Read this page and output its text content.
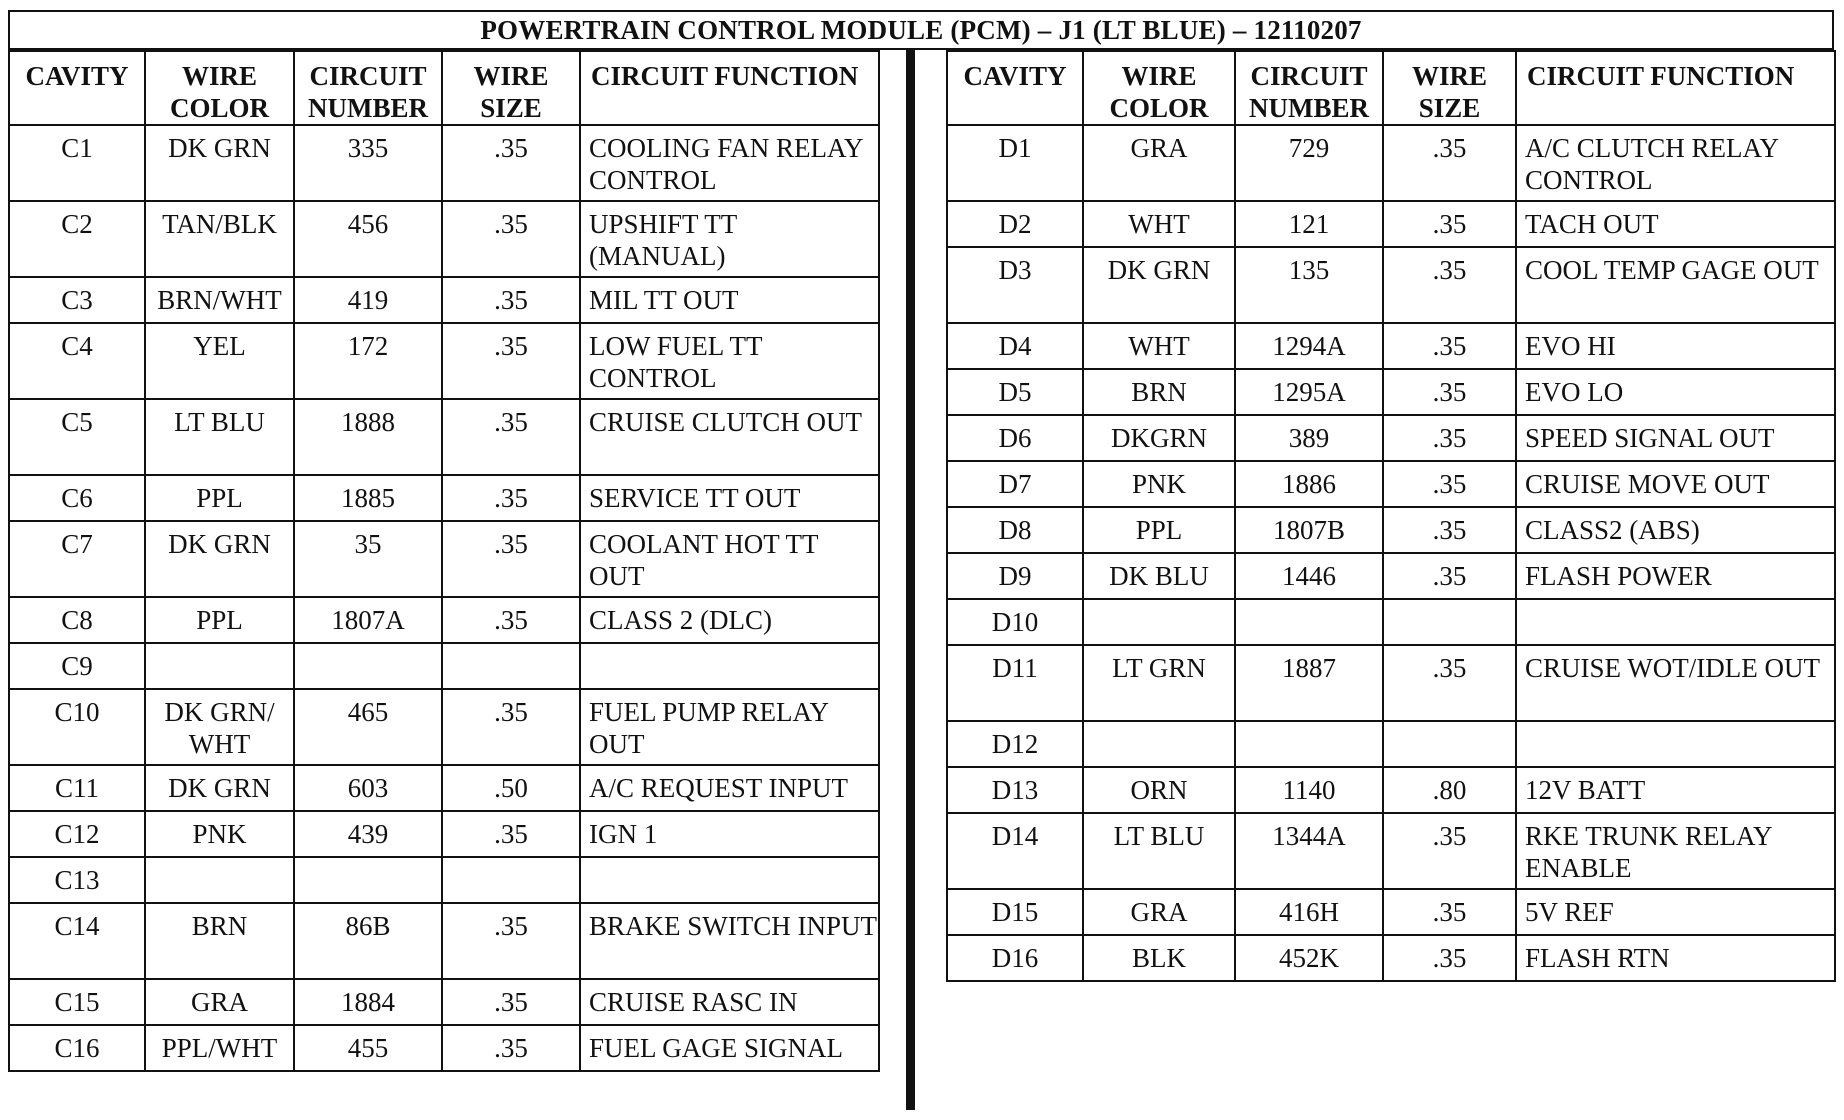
POWERTRAIN CONTROL MODULE (PCM) – J1 (LT BLUE) – 12110207
CAVITY	WIRE COLOR	CIRCUIT NUMBER	WIRE SIZE	CIRCUIT FUNCTION
C1	DK GRN	335	.35	COOLING FAN RELAY CONTROL
C2	TAN/BLK	456	.35	UPSHIFT TT (MANUAL)
C3	BRN/WHT	419	.35	MIL TT OUT
C4	YEL	172	.35	LOW FUEL TT CONTROL
C5	LT BLU	1888	.35	CRUISE CLUTCH OUT
C6	PPL	1885	.35	SERVICE TT OUT
C7	DK GRN	35	.35	COOLANT HOT TT OUT
C8	PPL	1807A	.35	CLASS 2 (DLC)
C9				
C10	DK GRN/ WHT	465	.35	FUEL PUMP RELAY OUT
C11	DK GRN	603	.50	A/C REQUEST INPUT
C12	PNK	439	.35	IGN 1
C13				
C14	BRN	86B	.35	BRAKE SWITCH INPUT
C15	GRA	1884	.35	CRUISE RASC IN
C16	PPL/WHT	455	.35	FUEL GAGE SIGNAL
CAVITY	WIRE COLOR	CIRCUIT NUMBER	WIRE SIZE	CIRCUIT FUNCTION
D1	GRA	729	.35	A/C CLUTCH RELAY CONTROL
D2	WHT	121	.35	TACH OUT
D3	DK GRN	135	.35	COOL TEMP GAGE OUT
D4	WHT	1294A	.35	EVO HI
D5	BRN	1295A	.35	EVO LO
D6	DKGRN	389	.35	SPEED SIGNAL OUT
D7	PNK	1886	.35	CRUISE MOVE OUT
D8	PPL	1807B	.35	CLASS2 (ABS)
D9	DK BLU	1446	.35	FLASH POWER
D10				
D11	LT GRN	1887	.35	CRUISE WOT/IDLE OUT
D12				
D13	ORN	1140	.80	12V BATT
D14	LT BLU	1344A	.35	RKE TRUNK RELAY ENABLE
D15	GRA	416H	.35	5V REF
D16	BLK	452K	.35	FLASH RTN
